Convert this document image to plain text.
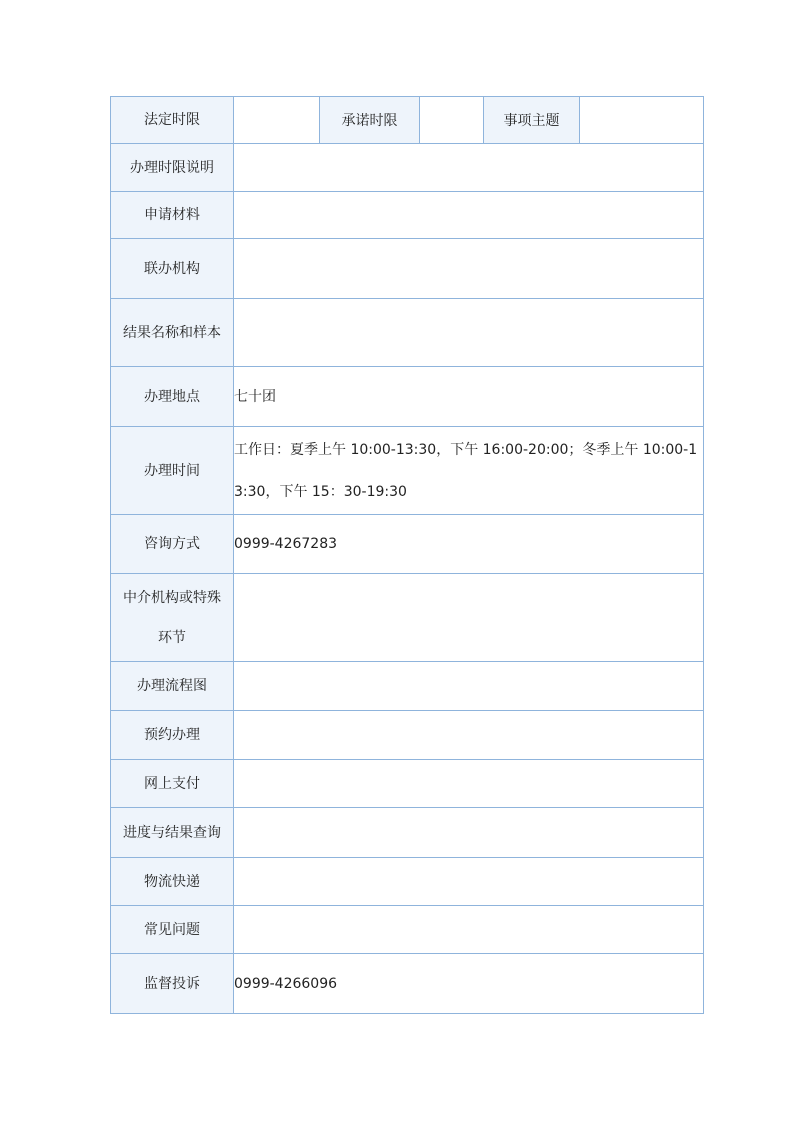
法定时限		承诺时限		事项主题	
办理时限说明					
申请材料					
联办机构					
结果名称和样本					
办理地点	七十团				
办理时间	工作日：夏季上午 10:00-13:30，下午 16:00-20:00；冬季上午 10:00-13:30，下午 15：30-19:30				
咨询方式	0999-4267283				
中介机构或特殊环节					
办理流程图					
预约办理					
网上支付					
进度与结果查询					
物流快递					
常见问题					
监督投诉	0999-4266096				
